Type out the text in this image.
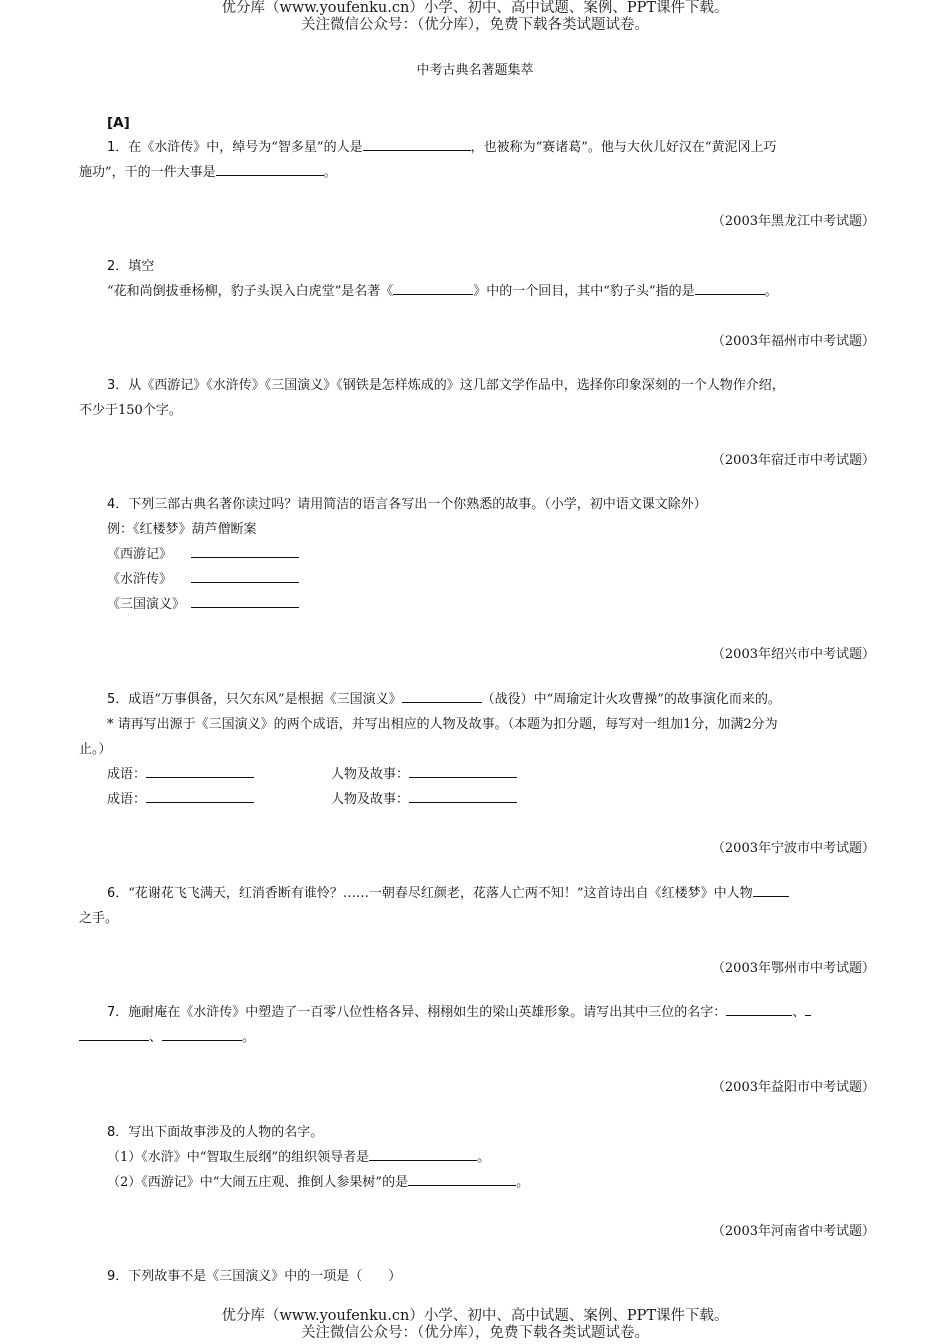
优分库（www.youfenku.cn）小学、初中、高中试题、案例、PPT课件下载。
关注微信公众号：（优分库），免费下载各类试题试卷。
中考古典名著题集萃
[A]
1．在《水浒传》中，绰号为“智多星”的人是	，也被称为“赛诸葛”。他与大伙儿好汉在“黄泥冈上巧
施功”，干的一件大事是	。
（2003年黑龙江中考试题）
2．填空
“花和尚倒拔垂杨柳，豹子头误入白虎堂”是名著《	》中的一个回目，其中“豹子头”指的是	。
（2003年福州市中考试题）
3．从《西游记》《水浒传》《三国演义》《钢铁是怎样炼成的》这几部文学作品中，选择你印象深刻的一个人物作介绍，
不少于150个字。
（2003年宿迁市中考试题）
4．下列三部古典名著你读过吗？请用简洁的语言各写出一个你熟悉的故事。（小学，初中语文课文除外）
例：《红楼梦》葫芦僧断案
《西游记》
《水浒传》
《三国演义》
（2003年绍兴市中考试题）
5．成语“万事俱备，只欠东风”是根据《三国演义》	（战役）中“周瑜定计火攻曹操”的故事演化而来的。
* 请再写出源于《三国演义》的两个成语，并写出相应的人物及故事。（本题为扣分题，每写对一组加1分，加满2分为
止。）
成语：	人物及故事：
成语：	人物及故事：
（2003年宁波市中考试题）
6．“花谢花飞飞满天，红消香断有谁怜？……一朝春尽红颜老，花落人亡两不知！”这首诗出自《红楼梦》中人物
之手。
（2003年鄂州市中考试题）
7．施耐庵在《水浒传》中塑造了一百零八位性格各异、栩栩如生的梁山英雄形象。请写出其中三位的名字：	、
、	。
（2003年益阳市中考试题）
8．写出下面故事涉及的人物的名字。
（1）《水浒》中“智取生辰纲”的组织领导者是	。
（2）《西游记》中“大闹五庄观、推倒人参果树”的是	。
（2003年河南省中考试题）
9．下列故事不是《三国演义》中的一项是（　　）
优分库（www.youfenku.cn）小学、初中、高中试题、案例、PPT课件下载。
关注微信公众号：（优分库），免费下载各类试题试卷。
